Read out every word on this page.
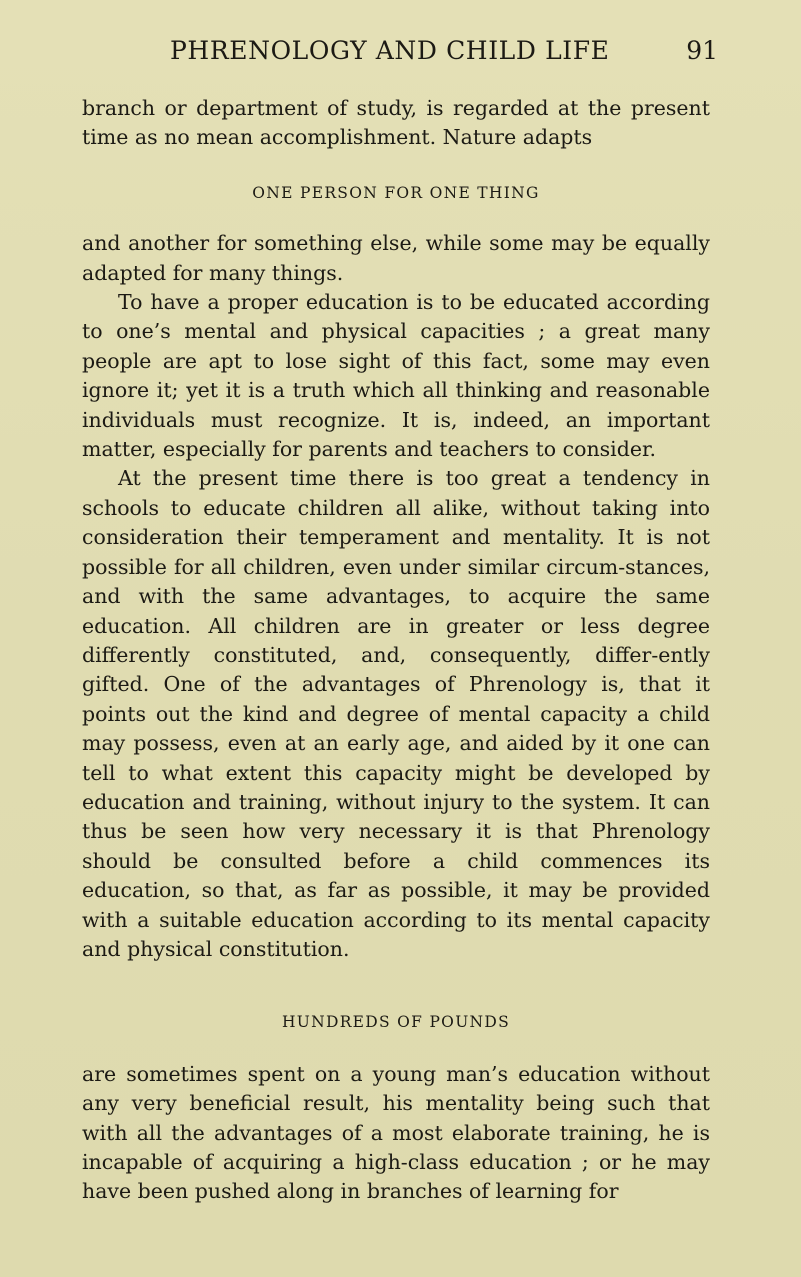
PHRENOLOGY AND CHILD LIFE	91

branch or department of study, is regarded at the present time as no mean accomplishment. Nature adapts

ONE PERSON FOR ONE THING

and another for something else, while some may be equally adapted for many things.

To have a proper education is to be educated according to one’s mental and physical capacities ; a great many people are apt to lose sight of this fact, some may even ignore it; yet it is a truth which all thinking and reasonable individuals must recognize. It is, indeed, an important matter, especially for parents and teachers to consider.

At the present time there is too great a tendency in schools to educate children all alike, without taking into consideration their temperament and mentality. It is not possible for all children, even under similar circum-stances, and with the same advantages, to acquire the same education. All children are in greater or less degree differently constituted, and, consequently, differ-ently gifted. One of the advantages of Phrenology is, that it points out the kind and degree of mental capacity a child may possess, even at an early age, and aided by it one can tell to what extent this capacity might be developed by education and training, without injury to the system. It can thus be seen how very necessary it is that Phrenology should be consulted before a child commences its education, so that, as far as possible, it may be provided with a suitable education according to its mental capacity and physical constitution.

HUNDREDS OF POUNDS

are sometimes spent on a young man’s education without any very beneficial result, his mentality being such that with all the advantages of a most elaborate training, he is incapable of acquiring a high-class education ; or he may have been pushed along in branches of learning for
